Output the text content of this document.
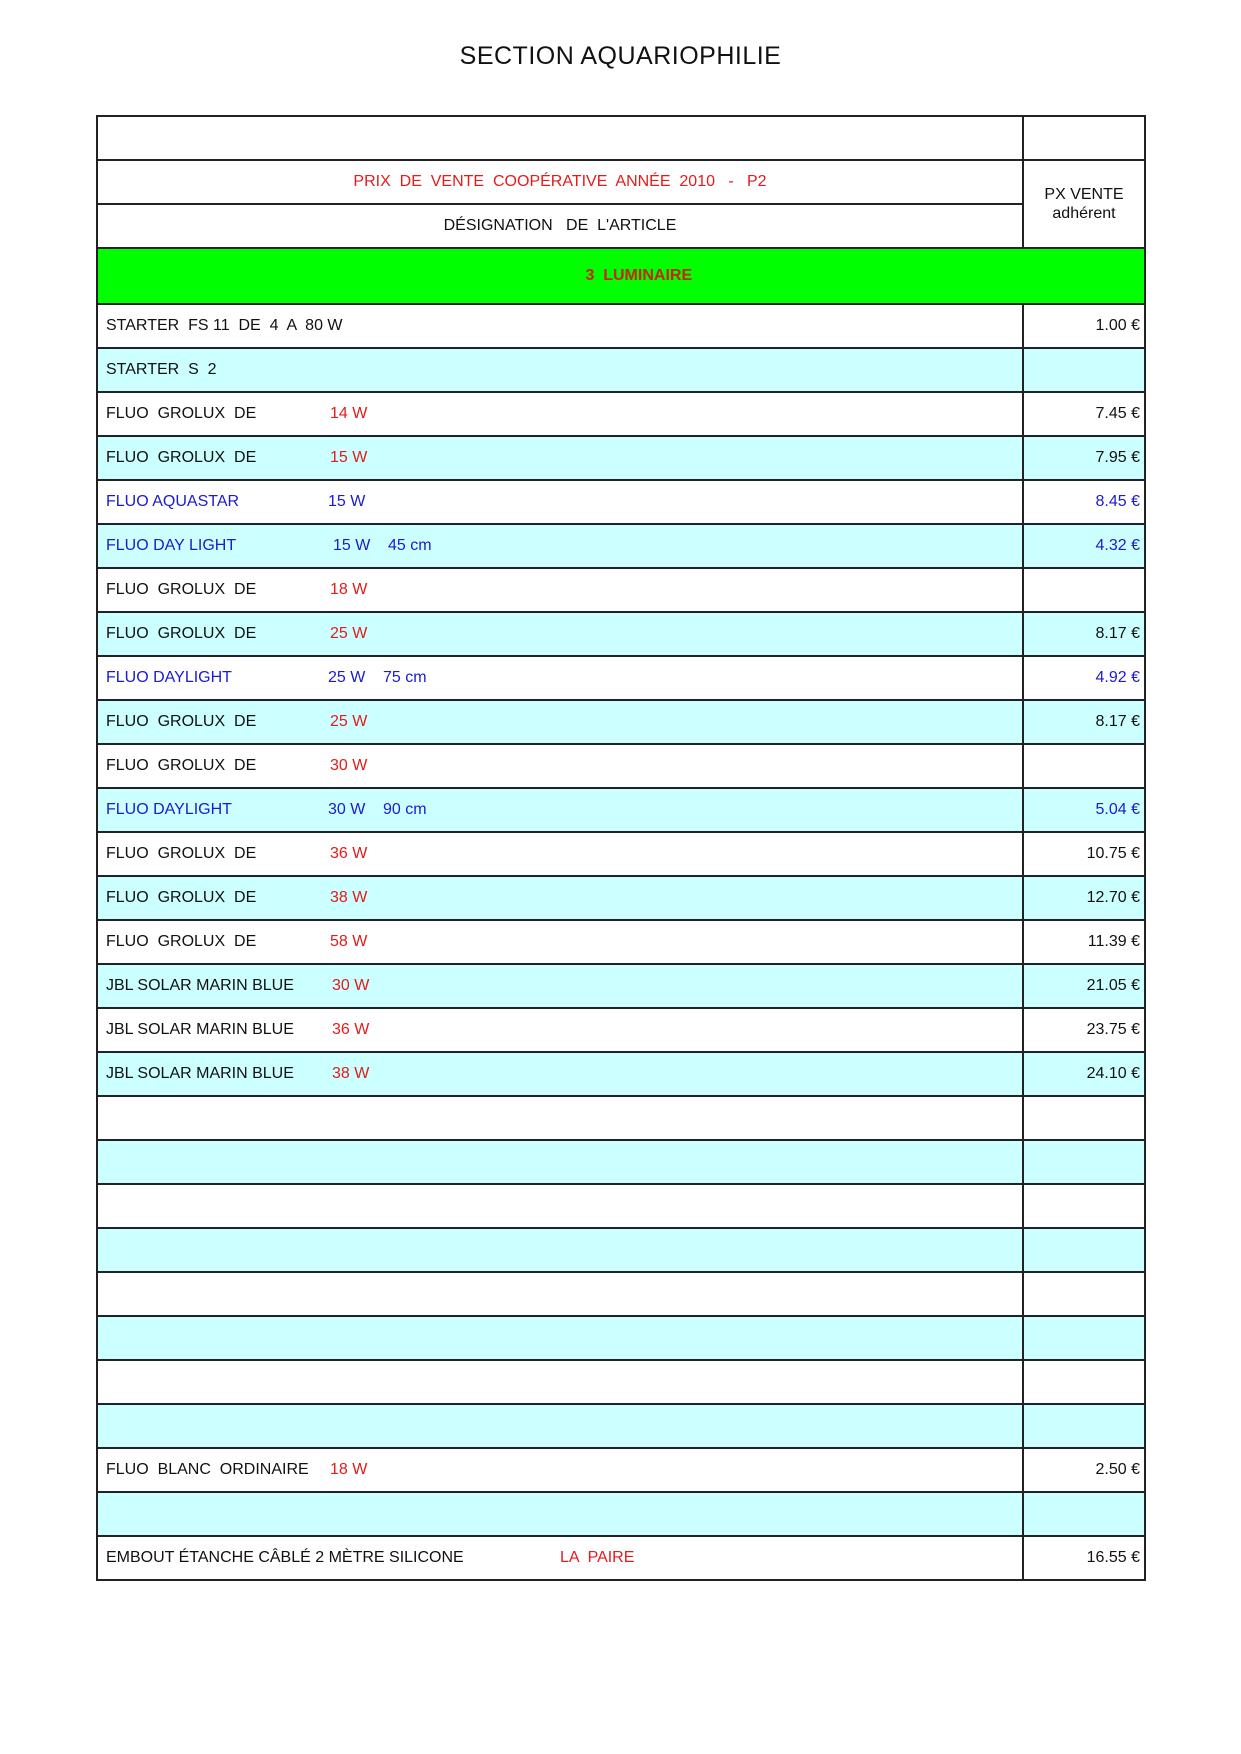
SECTION AQUARIOPHILIE

PRIX  DE  VENTE  COOPÉRATIVE  ANNÉE  2010   -   P2	PX VENTE
adhérent

DÉSIGNATION   DE  L'ARTICLE	

3  LUMINAIRE	

STARTER  FS 11  DE  4  A  80 W	1.00 €
STARTER  S  2	
FLUO  GROLUX  DE 14 W	7.45 €
FLUO  GROLUX  DE 15 W	7.95 €
FLUO AQUASTAR 15 W	8.45 €
FLUO DAY LIGHT 15 W 45 cm	4.32 €
FLUO  GROLUX  DE 18 W	
FLUO  GROLUX  DE 25 W	8.17 €
FLUO DAYLIGHT 25 W 75 cm	4.92 €
FLUO  GROLUX  DE 25 W	8.17 €
FLUO  GROLUX  DE 30 W	
FLUO DAYLIGHT 30 W 90 cm	5.04 €
FLUO  GROLUX  DE 36 W	10.75 €
FLUO  GROLUX  DE 38 W	12.70 €
FLUO  GROLUX  DE 58 W	11.39 €
JBL SOLAR MARIN BLUE 30 W	21.05 €
JBL SOLAR MARIN BLUE 36 W	23.75 €
JBL SOLAR MARIN BLUE 38 W	24.10 €

FLUO  BLANC  ORDINAIRE 18 W	2.50 €

EMBOUT ÉTANCHE CÂBLÉ 2 MÈTRE SILICONE LA  PAIRE	16.55 €
